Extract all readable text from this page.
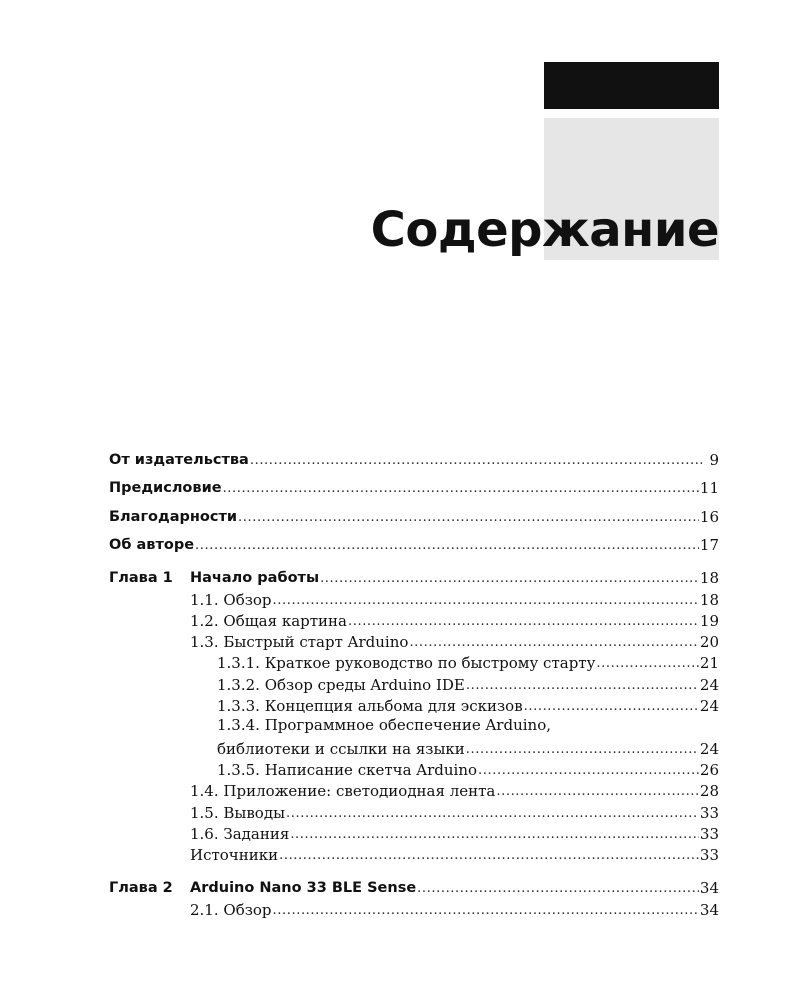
Содержание
От издательства .....	9
Предисловие .....	11
Благодарности .....	16
Об авторе .....	17
Глава 1 Начало работы .....	18
1.1. Обзор .....	18
1.2. Общая картина .....	19
1.3. Быстрый старт Arduino .....	20
1.3.1. Краткое руководство по быстрому старту .....	21
1.3.2. Обзор среды Arduino IDE .....	24
1.3.3. Концепция альбома для эскизов .....	24
1.3.4. Программное обеспечение Arduino,
библиотеки и ссылки на языки .....	24
1.3.5. Написание скетча Arduino .....	26
1.4. Приложение: светодиодная лента .....	28
1.5. Выводы .....	33
1.6. Задания .....	33
Источники .....	33
Глава 2 Arduino Nano 33 BLE Sense .....	34
2.1. Обзор .....	34
